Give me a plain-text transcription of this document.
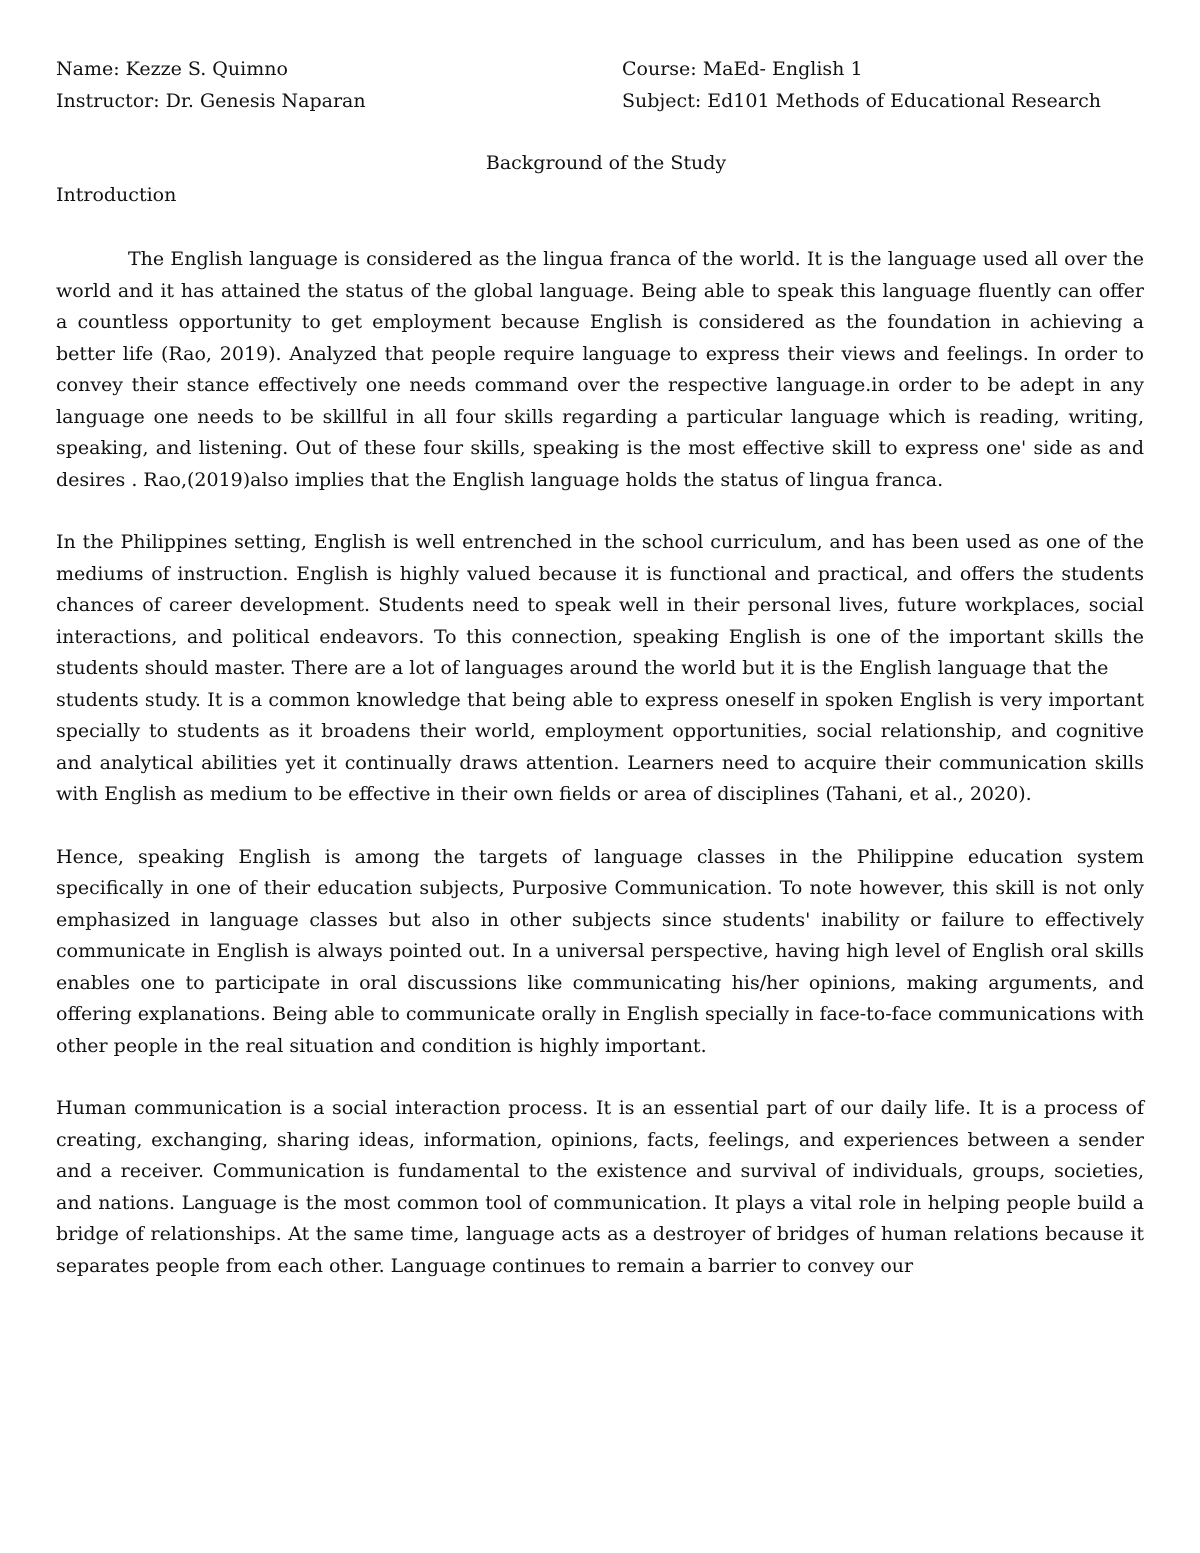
Name: Kezze S. Quimno
Instructor: Dr. Genesis Naparan
Course: MaEd- English 1
Subject: Ed101 Methods of Educational Research
Background of the Study
Introduction

The English language is considered as the lingua franca of the world. It is the language used all over the world and it has attained the status of the global language. Being able to speak this language fluently can offer a countless opportunity to get employment because English is considered as the foundation in achieving a better life (Rao, 2019). Analyzed that people require language to express their views and feelings. In order to convey their stance effectively one needs command over the respective language.in order to be adept in any language one needs to be skillful in all four skills regarding a particular language which is reading, writing, speaking, and listening. Out of these four skills, speaking is the most effective skill to express one' side as and desires . Rao,(2019)also implies that the English language holds the status of lingua franca.

In the Philippines setting, English is well entrenched in the school curriculum, and has been used as one of the mediums of instruction. English is highly valued because it is functional and practical, and offers the students chances of career development. Students need to speak well in their personal lives, future workplaces, social interactions, and political endeavors. To this connection, speaking English is one of the important skills the students should master. There are a lot of languages around the world but it is the English language that the

students study. It is a common knowledge that being able to express oneself in spoken English is very important specially to students as it broadens their world, employment opportunities, social relationship, and cognitive and analytical abilities yet it continually draws attention. Learners need to acquire their communication skills with English as medium to be effective in their own fields or area of disciplines (Tahani, et al., 2020).

Hence, speaking English is among the targets of language classes in the Philippine education system specifically in one of their education subjects, Purposive Communication. To note however, this skill is not only emphasized in language classes but also in other subjects since students' inability or failure to effectively communicate in English is always pointed out. In a universal perspective, having high level of English oral skills enables one to participate in oral discussions like communicating his/her opinions, making arguments, and offering explanations. Being able to communicate orally in English specially in face-to-face communications with other people in the real situation and condition is highly important.

Human communication is a social interaction process. It is an essential part of our daily life. It is a process of creating, exchanging, sharing ideas, information, opinions, facts, feelings, and experiences between a sender and a receiver. Communication is fundamental to the existence and survival of individuals, groups, societies, and nations. Language is the most common tool of communication. It plays a vital role in helping people build a bridge of relationships. At the same time, language acts as a destroyer of bridges of human relations because it separates people from each other. Language continues to remain a barrier to convey our
